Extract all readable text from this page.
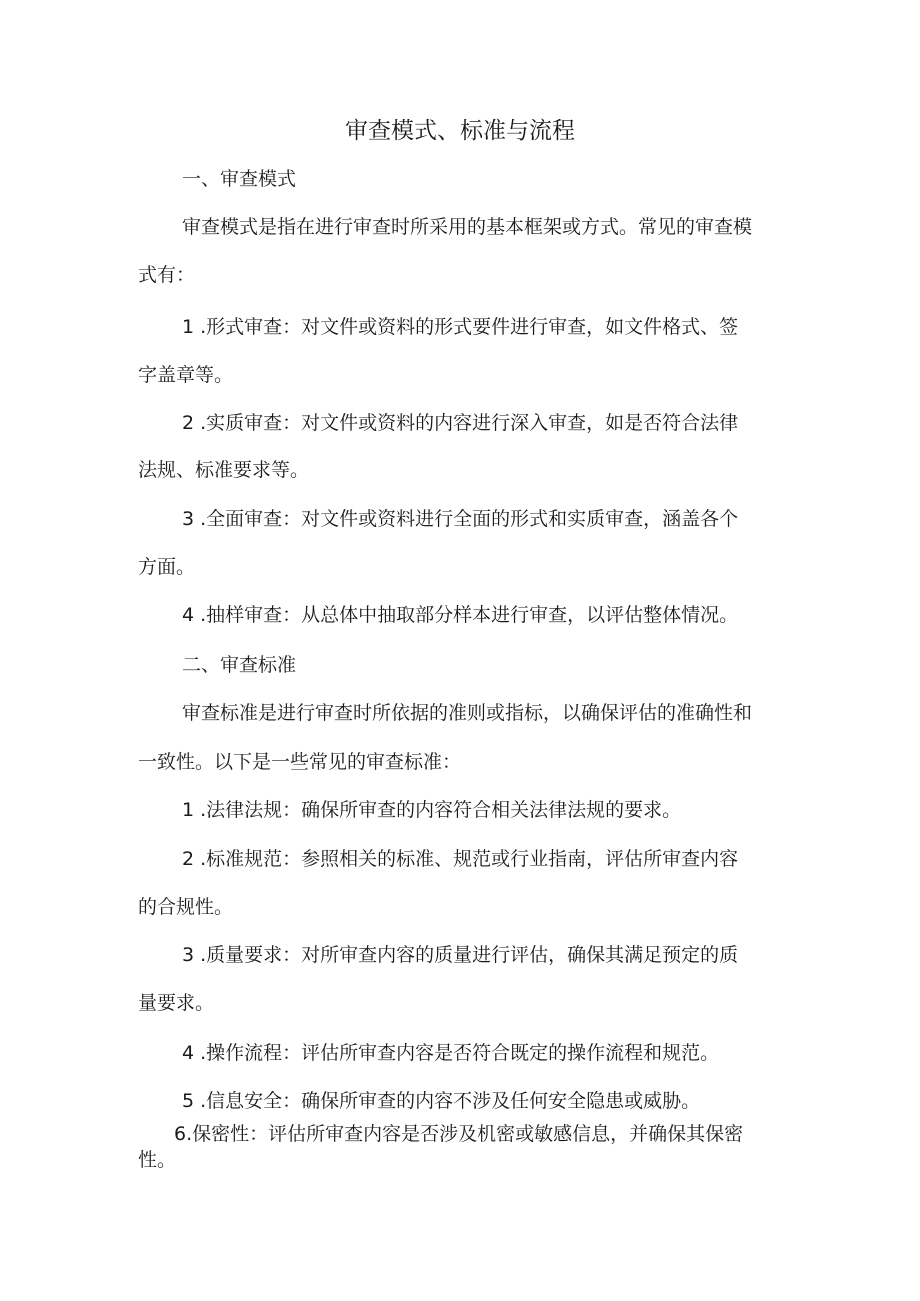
审查模式、标准与流程
一、审查模式
审查模式是指在进行审查时所采用的基本框架或方式。常见的审查模
式有：
1 .形式审查：对文件或资料的形式要件进行审查，如文件格式、签
字盖章等。
2 .实质审查：对文件或资料的内容进行深入审查，如是否符合法律
法规、标准要求等。
3 .全面审查：对文件或资料进行全面的形式和实质审查，涵盖各个
方面。
4 .抽样审查：从总体中抽取部分样本进行审查，以评估整体情况。
二、审查标准
审查标准是进行审查时所依据的准则或指标，以确保评估的准确性和
一致性。以下是一些常见的审查标准：
1 .法律法规：确保所审查的内容符合相关法律法规的要求。
2 .标准规范：参照相关的标准、规范或行业指南，评估所审查内容
的合规性。
3 .质量要求：对所审查内容的质量进行评估，确保其满足预定的质
量要求。
4 .操作流程：评估所审查内容是否符合既定的操作流程和规范。
5 .信息安全：确保所审查的内容不涉及任何安全隐患或威胁。
6.保密性：评估所审查内容是否涉及机密或敏感信息，并确保其保密
性。
